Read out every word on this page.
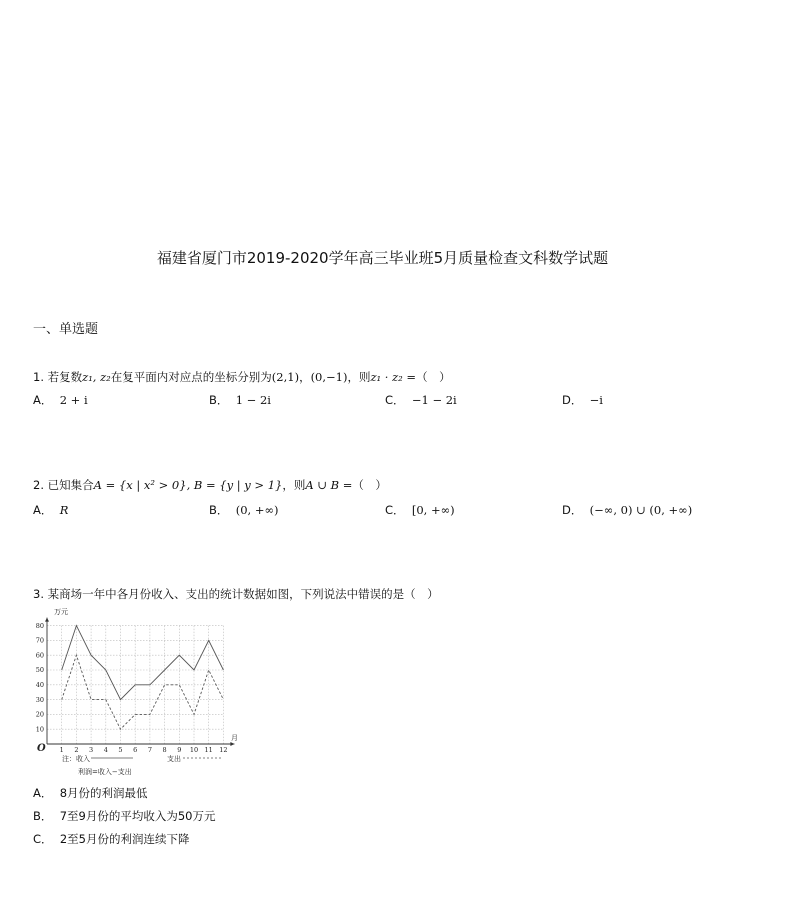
福建省厦门市2019-2020学年高三毕业班5月质量检查文科数学试题
一、单选题
1. 若复数z₁, z₂在复平面内对应点的坐标分别为(2,1)，(0,−1)，则z₁ · z₂ =（　）
A． 2 + i	B． 1 − 2i	C． −1 − 2i	D． −i
2. 已知集合A = {x | x² > 0}, B = {y | y > 1}，则A ∪ B =（　）
A． R	B． (0, +∞)	C． [0, +∞)	D． (−∞, 0) ∪ (0, +∞)
3. 某商场一年中各月份收入、支出的统计数据如图，下列说法中错误的是（　）
1 2 3 4 5 6 7 8 9 10 11 12
10
20
30
40
50
60
70
80
万元
月
O
注：收入	支出
利润=收入−支出
A． 8月份的利润最低
B． 7至9月份的平均收入为50万元
C． 2至5月份的利润连续下降
